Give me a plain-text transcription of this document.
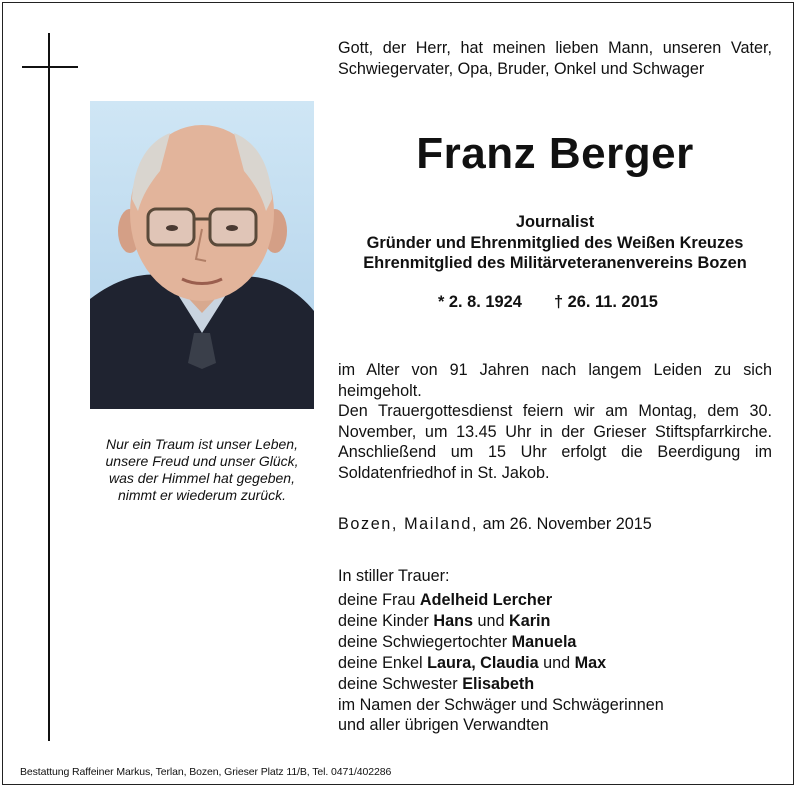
Nur ein Traum ist unser Leben,
unsere Freud und unser Glück,
was der Himmel hat gegeben,
nimmt er wiederum zurück.
Gott, der Herr, hat meinen lieben Mann, unseren Vater, Schwiegervater, Opa, Bruder, Onkel und Schwager
Franz Berger
Journalist
Gründer und Ehrenmitglied des Weißen Kreuzes
Ehrenmitglied des Militärveteranenvereins Bozen
* 2. 8. 1924 † 26. 11. 2015
im Alter von 91 Jahren nach langem Leiden zu sich heimgeholt.
Den Trauergottesdienst feiern wir am Montag, dem 30. November, um 13.45 Uhr in der Grieser Stiftspfarrkirche. Anschließend um 15 Uhr erfolgt die Beerdigung im Soldatenfriedhof in St. Jakob.
Bozen, Mailand, am 26. November 2015
In stiller Trauer:
deine Frau Adelheid Lercher
deine Kinder Hans und Karin
deine Schwiegertochter Manuela
deine Enkel Laura, Claudia und Max
deine Schwester Elisabeth
im Namen der Schwäger und Schwägerinnen
und aller übrigen Verwandten
Bestattung Raffeiner Markus, Terlan, Bozen, Grieser Platz 11/B, Tel. 0471/402286
